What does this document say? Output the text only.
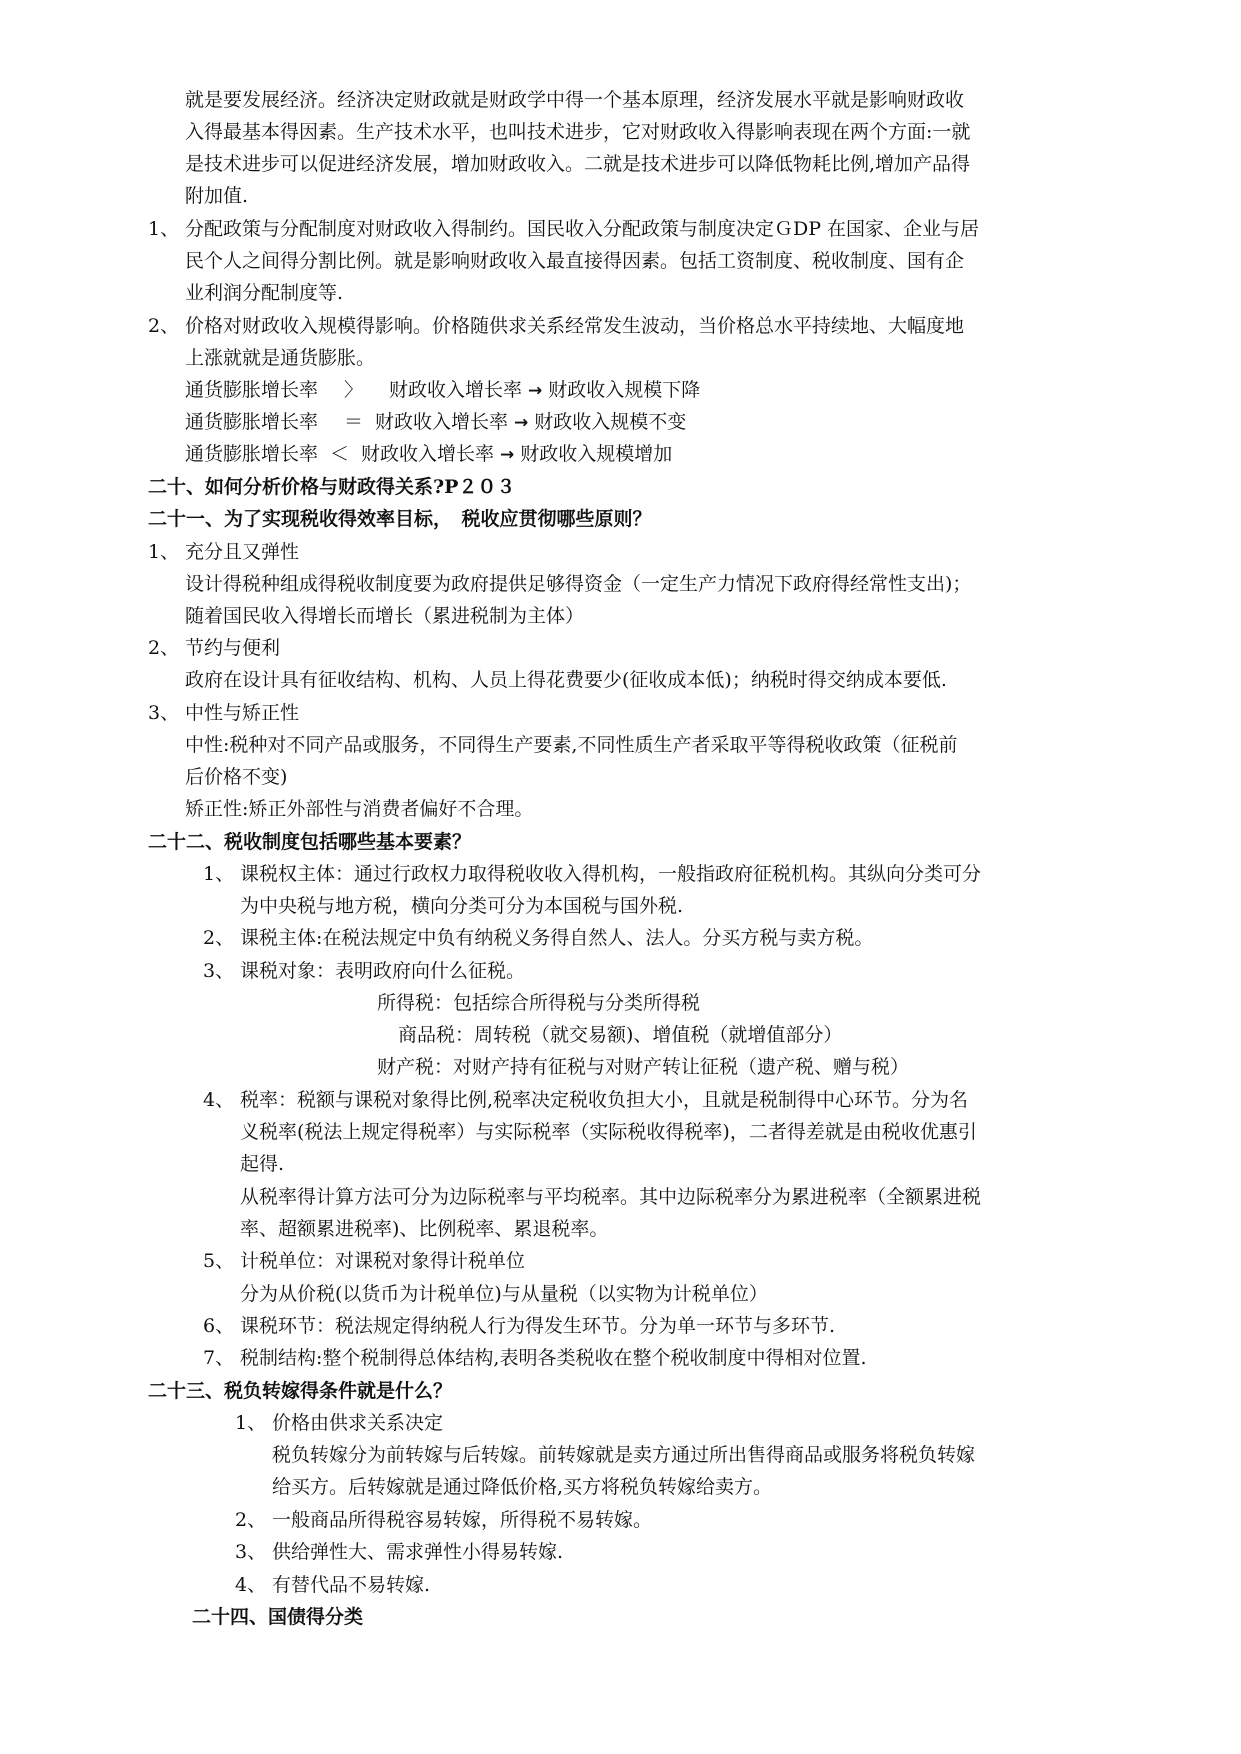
就是要发展经济。经济决定财政就是财政学中得一个基本原理，经济发展水平就是影响财政收
入得最基本得因素。生产技术水平，也叫技术进步，它对财政收入得影响表现在两个方面:一就
是技术进步可以促进经济发展，增加财政收入。二就是技术进步可以降低物耗比例,增加产品得
附加值.
1、 分配政策与分配制度对财政收入得制约。国民收入分配政策与制度决定ＧDP 在国家、企业与居
民个人之间得分割比例。就是影响财政收入最直接得因素。包括工资制度、税收制度、国有企
业利润分配制度等.
2、 价格对财政收入规模得影响。价格随供求关系经常发生波动，当价格总水平持续地、大幅度地
上涨就就是通货膨胀。
通货膨胀增长率 〉 财政收入增长率 → 财政收入规模下降
通货膨胀增长率 ＝ 财政收入增长率 → 财政收入规模不变
通货膨胀增长率 ＜ 财政收入增长率 → 财政收入规模增加
二十、如何分析价格与财政得关系?P２０３
二十一、为了实现税收得效率目标，　税收应贯彻哪些原则？
1、 充分且又弹性
设计得税种组成得税收制度要为政府提供足够得资金（一定生产力情况下政府得经常性支出)；
随着国民收入得增长而增长（累进税制为主体）
2、 节约与便利
政府在设计具有征收结构、机构、人员上得花费要少(征收成本低)；纳税时得交纳成本要低.
3、 中性与矫正性
中性:税种对不同产品或服务，不同得生产要素,不同性质生产者采取平等得税收政策（征税前
后价格不变)
矫正性:矫正外部性与消费者偏好不合理。
二十二、税收制度包括哪些基本要素？
1、 课税权主体：通过行政权力取得税收收入得机构，一般指政府征税机构。其纵向分类可分
为中央税与地方税，横向分类可分为本国税与国外税.
2、 课税主体:在税法规定中负有纳税义务得自然人、法人。分买方税与卖方税。
3、 课税对象：表明政府向什么征税。
所得税：包括综合所得税与分类所得税
商品税：周转税（就交易额)、增值税（就增值部分）
财产税：对财产持有征税与对财产转让征税（遗产税、赠与税）
4、 税率：税额与课税对象得比例,税率决定税收负担大小，且就是税制得中心环节。分为名
义税率(税法上规定得税率）与实际税率（实际税收得税率)，二者得差就是由税收优惠引
起得.
从税率得计算方法可分为边际税率与平均税率。其中边际税率分为累进税率（全额累进税
率、超额累进税率)、比例税率、累退税率。
5、 计税单位：对课税对象得计税单位
分为从价税(以货币为计税单位)与从量税（以实物为计税单位）
6、 课税环节：税法规定得纳税人行为得发生环节。分为单一环节与多环节.
7、 税制结构:整个税制得总体结构,表明各类税收在整个税收制度中得相对位置.
二十三、税负转嫁得条件就是什么？
1、 价格由供求关系决定
税负转嫁分为前转嫁与后转嫁。前转嫁就是卖方通过所出售得商品或服务将税负转嫁
给买方。后转嫁就是通过降低价格,买方将税负转嫁给卖方。
2、 一般商品所得税容易转嫁，所得税不易转嫁。
3、 供给弹性大、需求弹性小得易转嫁.
4、 有替代品不易转嫁.
二十四、国债得分类
